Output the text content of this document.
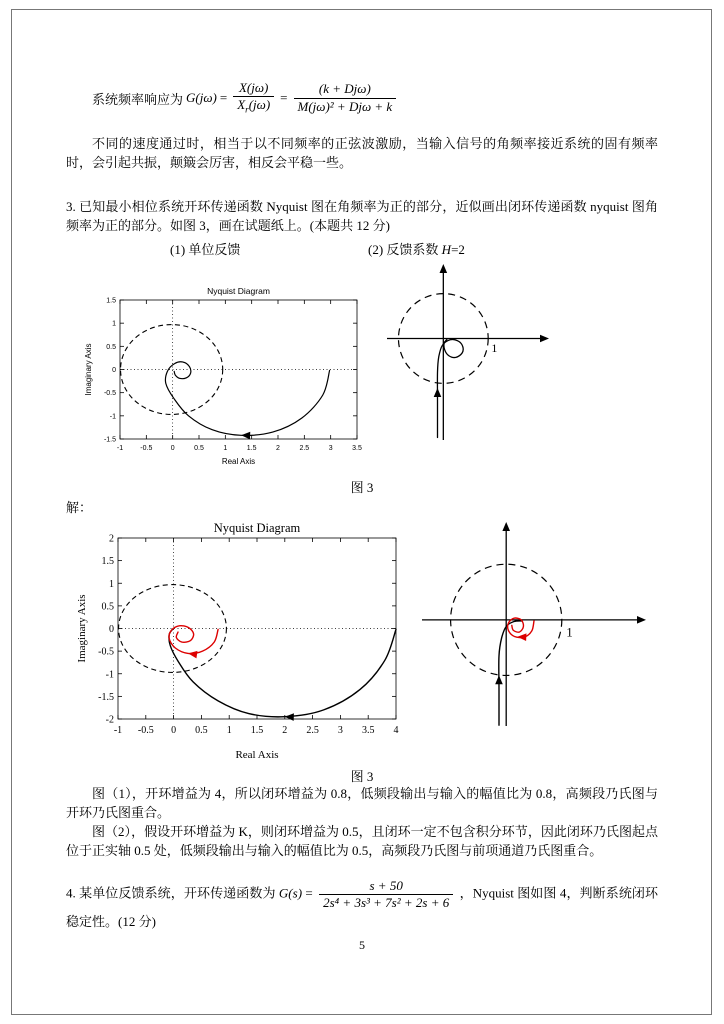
系统频率响应为 $G(j\omega) = \frac{X(j\omega)}{X_r(j\omega)} = \frac{\text{(k + Djω)}}{\text{M(jω)² + Djω + k}}$

不同的速度通过时，相当于以不同频率的正弦波激励，当输入信号的角频率接近系统的固有频率时，会引起共振，颠簸会厉害，相反会平稳一些。

3. 已知最小相位系统开环传递函数 Nyquist 图在角频率为正的部分，近似画出闭环传递函数 nyquist 图角频率为正的部分。如图 3，画在试题纸上。(本题共 12 分)

(1) 单位反馈	(2) 反馈系数 H=2
-1 -0.5	0	0.5	1	1.5	2	2.5	3	3.5
-1.5
-1
-0.5
0
0.5
1
1.5
Nyquist Diagram
Real Axis
Imaginary Axis	1
图 3
解：
-1 -0.5 0 0.5 1 1.5 2 2.5 3 3.5 4
-2
-1.5
-1
-0.5
0
0.5
1
1.5
2
Nyquist Diagram
Real Axis
Imaginary Axis	1
图 3

图（1），开环增益为 4，所以闭环增益为 0.8，低频段输出与输入的幅值比为 0.8，高频段乃氏图与开环乃氏图重合。

图（2），假设开环增益为 K，则闭环增益为 0.5，且闭环一定不包含积分环节，因此闭环乃氏图起点位于正实轴 0.5 处，低频段输出与输入的幅值比为 0.5，高频段乃氏图与前项通道乃氏图重合。

4. 某单位反馈系统，开环传递函数为 $G(s) = \frac{s + 50}{\text{2s⁴ + 3s³ + 7s² + 2s + 6}}$ ，Nyquist 图如图 4，判断系统闭环稳定性。(12 分)
5
